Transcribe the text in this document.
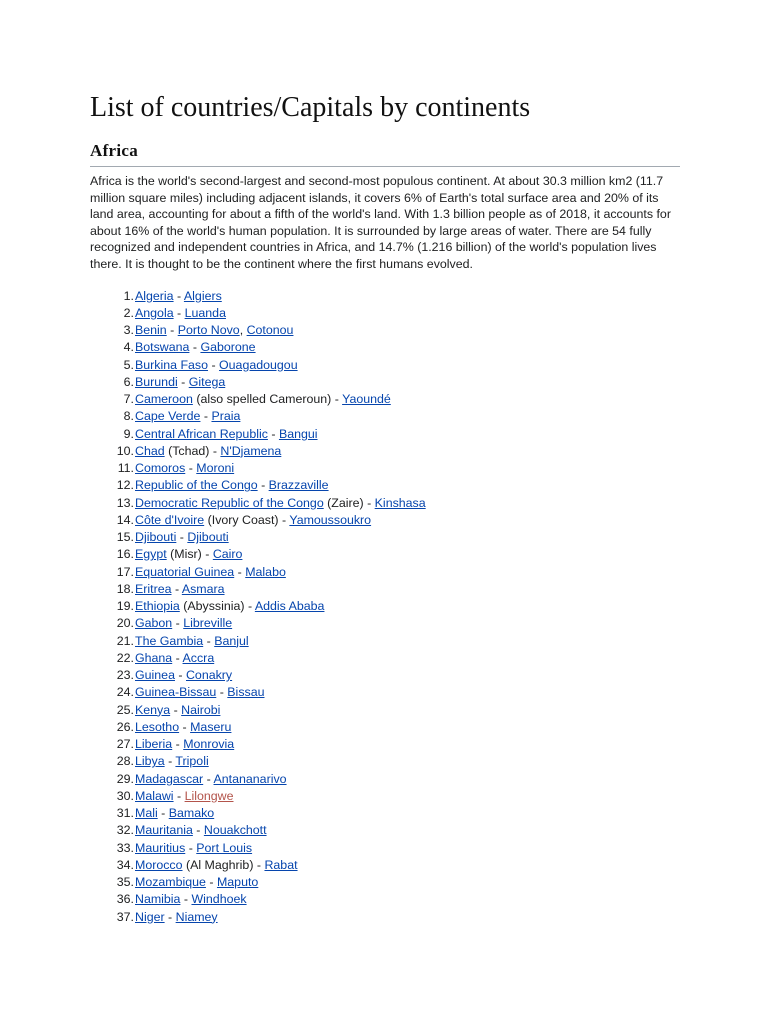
List of countries/Capitals by continents
Africa

Africa is the world's second-largest and second-most populous continent. At about 30.3 million km2 (11.7 million square miles) including adjacent islands, it covers 6% of Earth's total surface area and 20% of its land area, accounting for about a fifth of the world's land. With 1.3 billion people as of 2018, it accounts for about 16% of the world's human population. It is surrounded by large areas of water. There are 54 fully recognized and independent countries in Africa, and 14.7% (1.216 billion) of the world's population lives there. It is thought to be the continent where the first humans evolved.

1. Algeria - Algiers
2. Angola - Luanda
3. Benin - Porto Novo, Cotonou
4. Botswana - Gaborone
5. Burkina Faso - Ouagadougou
6. Burundi - Gitega
7. Cameroon (also spelled Cameroun) - Yaoundé
8. Cape Verde - Praia
9. Central African Republic - Bangui
10. Chad (Tchad) - N'Djamena
11. Comoros - Moroni
12. Republic of the Congo - Brazzaville
13. Democratic Republic of the Congo (Zaire) - Kinshasa
14. Côte d'Ivoire (Ivory Coast) - Yamoussoukro
15. Djibouti - Djibouti
16. Egypt (Misr) - Cairo
17. Equatorial Guinea - Malabo
18. Eritrea - Asmara
19. Ethiopia (Abyssinia) - Addis Ababa
20. Gabon - Libreville
21. The Gambia - Banjul
22. Ghana - Accra
23. Guinea - Conakry
24. Guinea-Bissau - Bissau
25. Kenya - Nairobi
26. Lesotho - Maseru
27. Liberia - Monrovia
28. Libya - Tripoli
29. Madagascar - Antananarivo
30. Malawi - Lilongwe
31. Mali - Bamako
32. Mauritania - Nouakchott
33. Mauritius - Port Louis
34. Morocco (Al Maghrib) - Rabat
35. Mozambique - Maputo
36. Namibia - Windhoek
37. Niger - Niamey
